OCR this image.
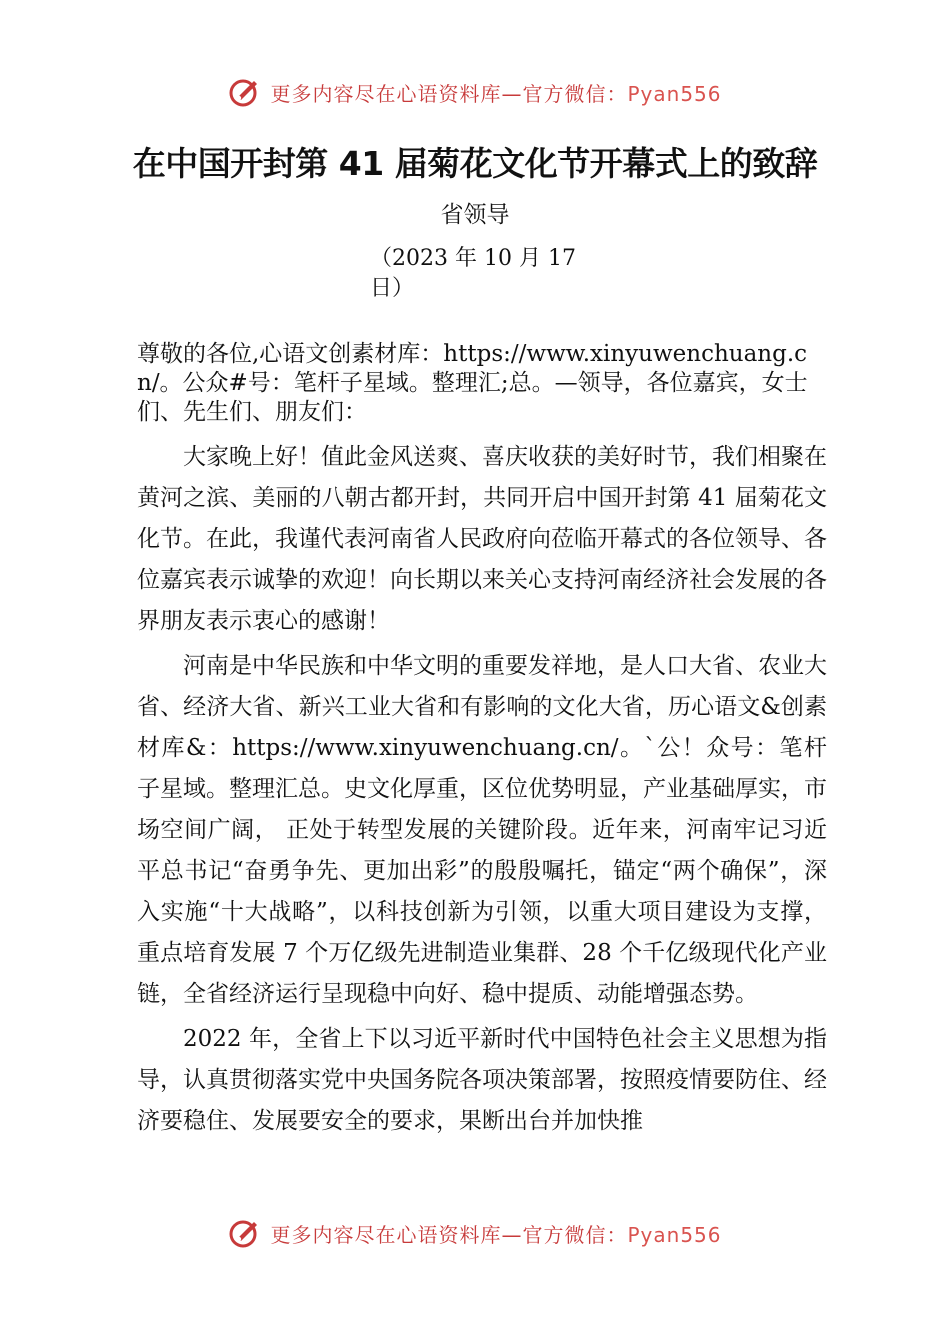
更多内容尽在心语资料库—官方微信：Pyan556
在中国开封第 41 届菊花文化节开幕式上的致辞
省领导
（2023 年 10 月 17 日）
尊敬的各位,心语文创素材库：https://www.xinyuwenchuang.cn/。公众#号：笔杆子星域。整理汇;总。—领导，各位嘉宾，女士们、先生们、朋友们：

大家晚上好！值此金风送爽、喜庆收获的美好时节，我们相聚在黄河之滨、美丽的八朝古都开封，共同开启中国开封第 41 届菊花文化节。在此，我谨代表河南省人民政府向莅临开幕式的各位领导、各位嘉宾表示诚挚的欢迎！向长期以来关心支持河南经济社会发展的各界朋友表示衷心的感谢！

河南是中华民族和中华文明的重要发祥地，是人口大省、农业大省、经济大省、新兴工业大省和有影响的文化大省，历心语文&创素材库&：https://www.xinyuwenchuang.cn/。`公！众号：笔杆子星域。整理汇总。史文化厚重，区位优势明显，产业基础厚实，市场空间广阔， 正处于转型发展的关键阶段。近年来，河南牢记习近平总书记“奋勇争先、更加出彩”的殷殷嘱托，锚定“两个确保”，深入实施“十大战略”，以科技创新为引领，以重大项目建设为支撑，重点培育发展 7 个万亿级先进制造业集群、28 个千亿级现代化产业链，全省经济运行呈现稳中向好、稳中提质、动能增强态势。

2022 年，全省上下以习近平新时代中国特色社会主义思想为指导，认真贯彻落实党中央国务院各项决策部署，按照疫情要防住、经济要稳住、发展要安全的要求，果断出台并加快推

更多内容尽在心语资料库—官方微信：Pyan556
